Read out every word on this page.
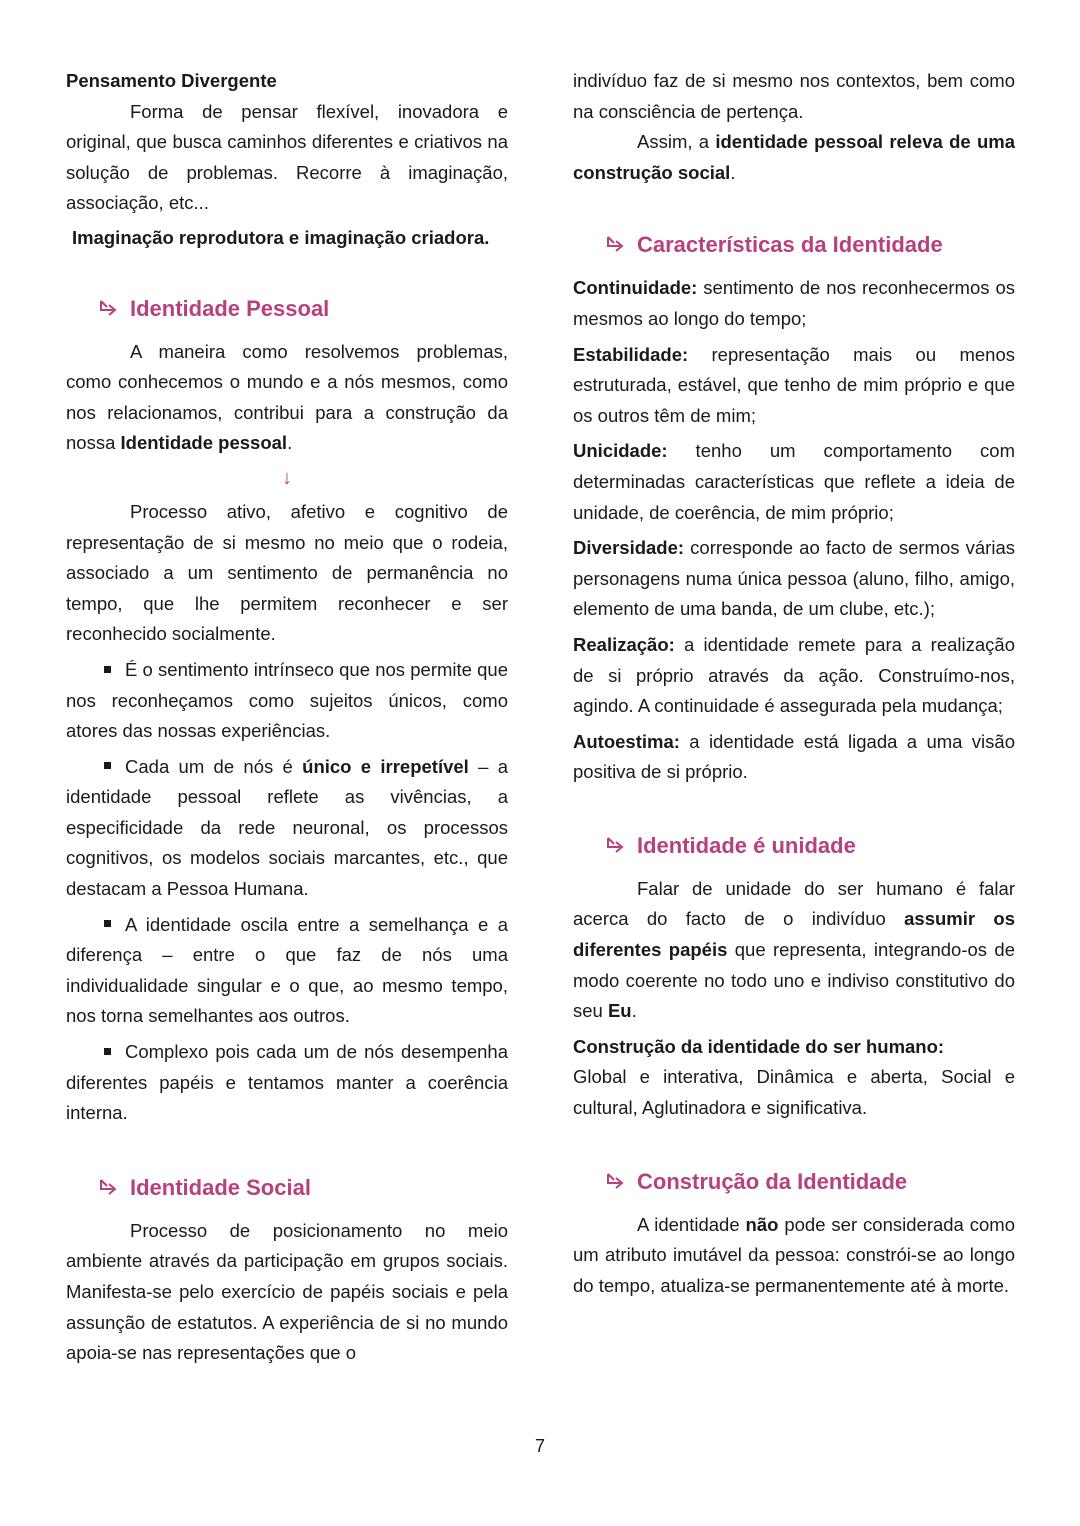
Pensamento Divergente

Forma de pensar flexível, inovadora e original, que busca caminhos diferentes e criativos na solução de problemas. Recorre à imaginação, associação, etc...

Imaginação reprodutora e imaginação criadora.

Identidade Pessoal

A maneira como resolvemos problemas, como conhecemos o mundo e a nós mesmos, como nos relacionamos, contribui para a construção da nossa Identidade pessoal.

↓

Processo ativo, afetivo e cognitivo de representação de si mesmo no meio que o rodeia, associado a um sentimento de permanência no tempo, que lhe permitem reconhecer e ser reconhecido socialmente.

É o sentimento intrínseco que nos permite que nos reconheçamos como sujeitos únicos, como atores das nossas experiências.

Cada um de nós é único e irrepetível – a identidade pessoal reflete as vivências, a especificidade da rede neuronal, os processos cognitivos, os modelos sociais marcantes, etc., que destacam a Pessoa Humana.

A identidade oscila entre a semelhança e a diferença – entre o que faz de nós uma individualidade singular e o que, ao mesmo tempo, nos torna semelhantes aos outros.

Complexo pois cada um de nós desempenha diferentes papéis e tentamos manter a coerência interna.

Identidade Social

Processo de posicionamento no meio ambiente através da participação em grupos sociais. Manifesta-se pelo exercício de papéis sociais e pela assunção de estatutos. A experiência de si no mundo apoia-se nas representações que o

indivíduo faz de si mesmo nos contextos, bem como na consciência de pertença.

Assim, a identidade pessoal releva de uma construção social.

Características da Identidade

Continuidade: sentimento de nos reconhecermos os mesmos ao longo do tempo;

Estabilidade: representação mais ou menos estruturada, estável, que tenho de mim próprio e que os outros têm de mim;

Unicidade: tenho um comportamento com determinadas características que reflete a ideia de unidade, de coerência, de mim próprio;

Diversidade: corresponde ao facto de sermos várias personagens numa única pessoa (aluno, filho, amigo, elemento de uma banda, de um clube, etc.);

Realização: a identidade remete para a realização de si próprio através da ação. Construímo-nos, agindo. A continuidade é assegurada pela mudança;

Autoestima: a identidade está ligada a uma visão positiva de si próprio.

Identidade é unidade

Falar de unidade do ser humano é falar acerca do facto de o indivíduo assumir os diferentes papéis que representa, integrando-os de modo coerente no todo uno e indiviso constitutivo do seu Eu.

Construção da identidade do ser humano:

Global e interativa, Dinâmica e aberta, Social e cultural, Aglutinadora e significativa.

Construção da Identidade

A identidade não pode ser considerada como um atributo imutável da pessoa: constrói-se ao longo do tempo, atualiza-se permanentemente até à morte.

7
